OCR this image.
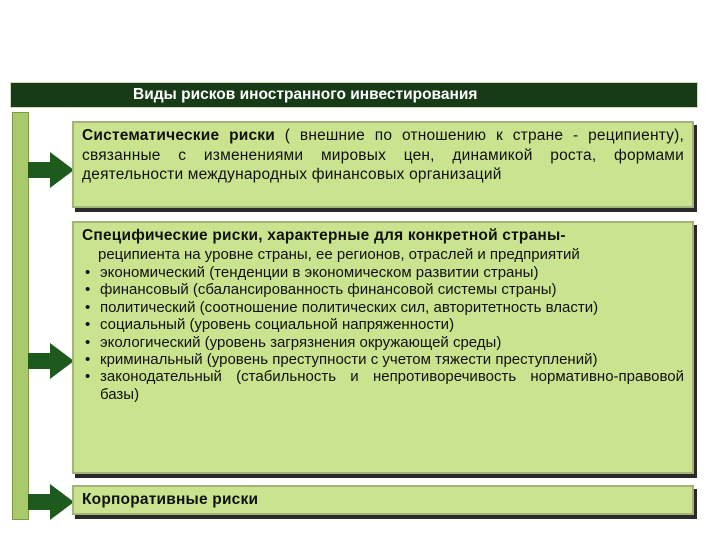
Виды рисков иностранного инвестирования

Систематические риски ( внешние по отношению к стране - реципиенту), связанные с изменениями мировых цен, динамикой роста, формами деятельности международных финансовых организаций

Специфические риски, характерные для конкретной страны-

реципиента на уровне страны, ее регионов, отраслей и предприятий

• экономический (тенденции в экономическом развитии страны)
• финансовый (сбалансированность финансовой системы страны)
• политический (соотношение политических сил, авторитетность власти)
• социальный (уровень социальной напряженности)
• экологический (уровень загрязнения окружающей среды)
• криминальный (уровень преступности с учетом тяжести преступлений)
• законодательный (стабильность и непротиворечивость нормативно-правовой базы)

Корпоративные риски
